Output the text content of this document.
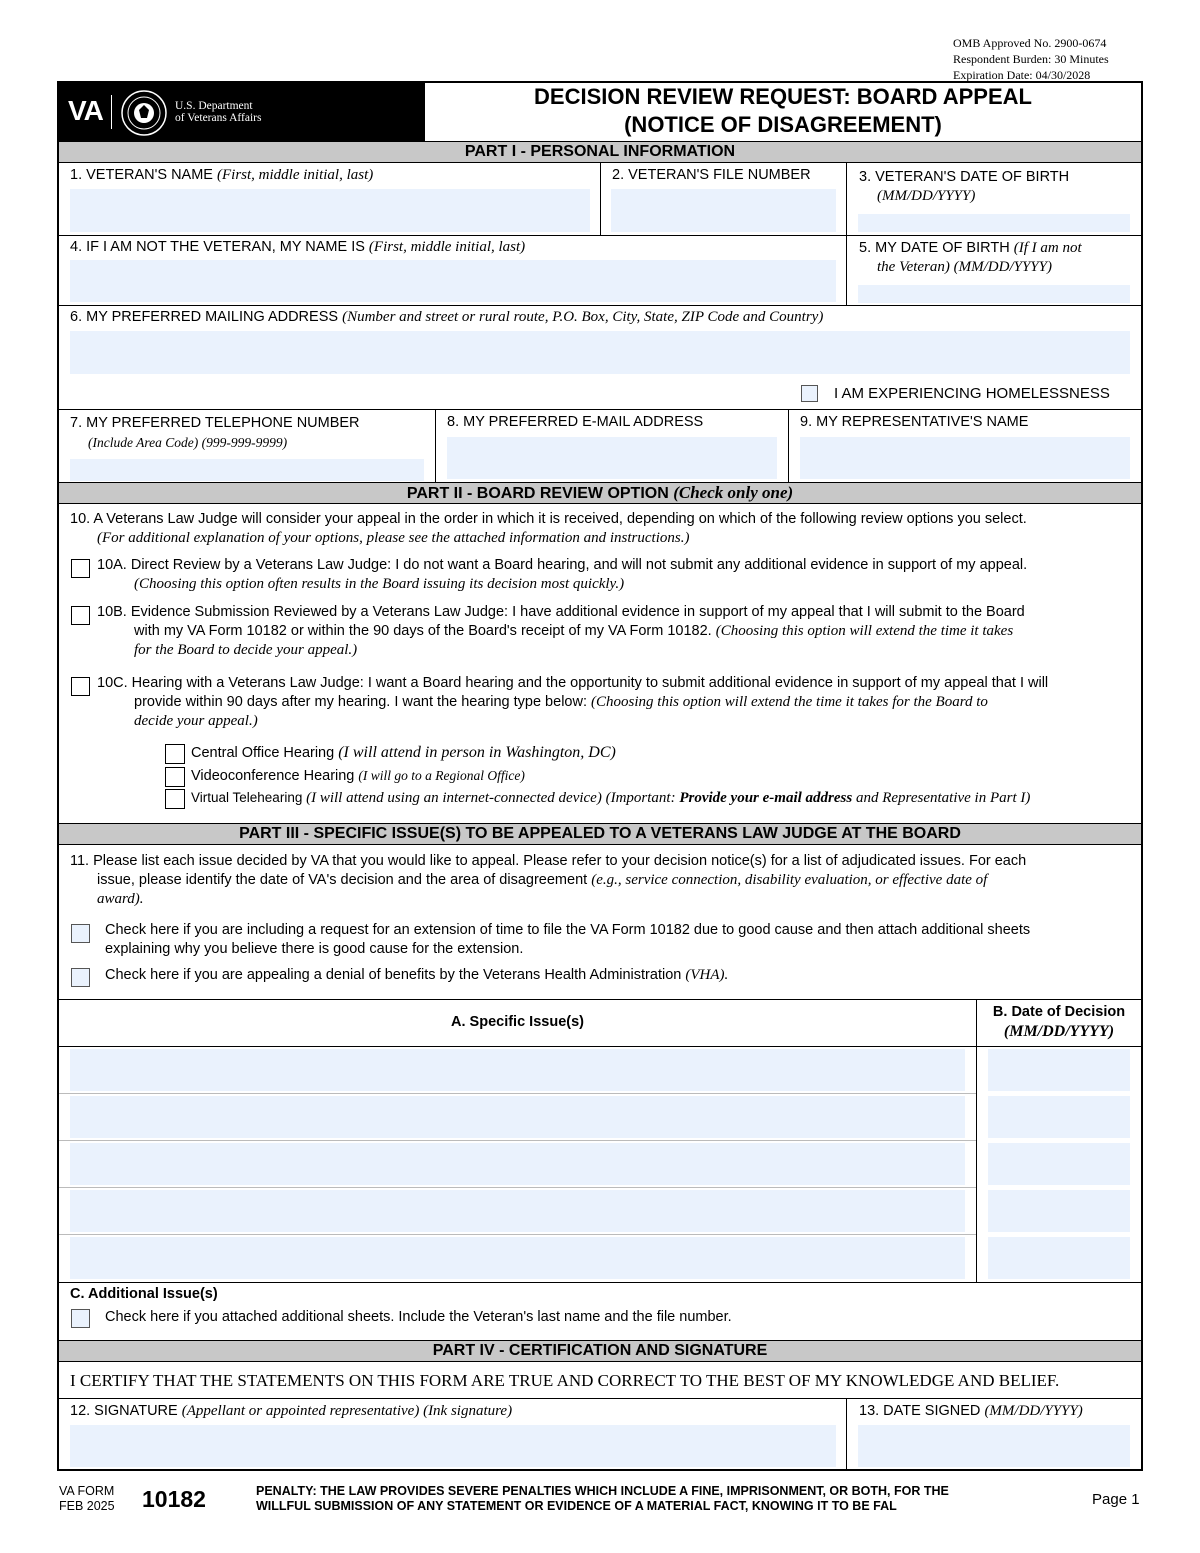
OMB Approved No. 2900-0674
Respondent Burden: 30 Minutes
Expiration Date: 04/30/2028
VA	U.S. Department
of Veterans Affairs
DECISION REVIEW REQUEST: BOARD APPEAL
(NOTICE OF DISAGREEMENT)
PART I - PERSONAL INFORMATION
1. VETERAN'S NAME (First, middle initial, last)	2. VETERAN'S FILE NUMBER	3. VETERAN'S DATE OF BIRTH
(MM/DD/YYYY)
4. IF I AM NOT THE VETERAN, MY NAME IS (First, middle initial, last)	5. MY DATE OF BIRTH (If I am not
the Veteran) (MM/DD/YYYY)
6. MY PREFERRED MAILING ADDRESS (Number and street or rural route, P.O. Box, City, State, ZIP Code and Country)
I AM EXPERIENCING HOMELESSNESS
7. MY PREFERRED TELEPHONE NUMBER
(Include Area Code) (999-999-9999)
8. MY PREFERRED E-MAIL ADDRESS	9. MY REPRESENTATIVE'S NAME
PART II - BOARD REVIEW OPTION (Check only one)
10. A Veterans Law Judge will consider your appeal in the order in which it is received, depending on which of the following review options you select.
(For additional explanation of your options, please see the attached information and instructions.)
10A. Direct Review by a Veterans Law Judge: I do not want a Board hearing, and will not submit any additional evidence in support of my appeal.
(Choosing this option often results in the Board issuing its decision most quickly.)
10B. Evidence Submission Reviewed by a Veterans Law Judge: I have additional evidence in support of my appeal that I will submit to the Board
with my VA Form 10182 or within the 90 days of the Board's receipt of my VA Form 10182. (Choosing this option will extend the time it takes
for the Board to decide your appeal.)
10C. Hearing with a Veterans Law Judge: I want a Board hearing and the opportunity to submit additional evidence in support of my appeal that I will
provide within 90 days after my hearing. I want the hearing type below: (Choosing this option will extend the time it takes for the Board to
decide your appeal.)
Central Office Hearing (I will attend in person in Washington, DC)
Videoconference Hearing (I will go to a Regional Office)
Virtual Telehearing (I will attend using an internet-connected device) (Important: Provide your e-mail address and Representative in Part I)
PART III - SPECIFIC ISSUE(S) TO BE APPEALED TO A VETERANS LAW JUDGE AT THE BOARD
11. Please list each issue decided by VA that you would like to appeal. Please refer to your decision notice(s) for a list of adjudicated issues. For each
issue, please identify the date of VA's decision and the area of disagreement (e.g., service connection, disability evaluation, or effective date of
award).
Check here if you are including a request for an extension of time to file the VA Form 10182 due to good cause and then attach additional sheets
explaining why you believe there is good cause for the extension.
Check here if you are appealing a denial of benefits by the Veterans Health Administration (VHA).
A. Specific Issue(s)
B. Date of Decision
(MM/DD/YYYY)
C. Additional Issue(s)
Check here if you attached additional sheets. Include the Veteran's last name and the file number.
PART IV - CERTIFICATION AND SIGNATURE
I CERTIFY THAT THE STATEMENTS ON THIS FORM ARE TRUE AND CORRECT TO THE BEST OF MY KNOWLEDGE AND BELIEF.
12. SIGNATURE (Appellant or appointed representative) (Ink signature)	13. DATE SIGNED (MM/DD/YYYY)
VA FORM
FEB 2025 10182	PENALTY: THE LAW PROVIDES SEVERE PENALTIES WHICH INCLUDE A FINE, IMPRISONMENT, OR BOTH, FOR THE
WILLFUL SUBMISSION OF ANY STATEMENT OR EVIDENCE OF A MATERIAL FACT, KNOWING IT TO BE FAL	Page 1
